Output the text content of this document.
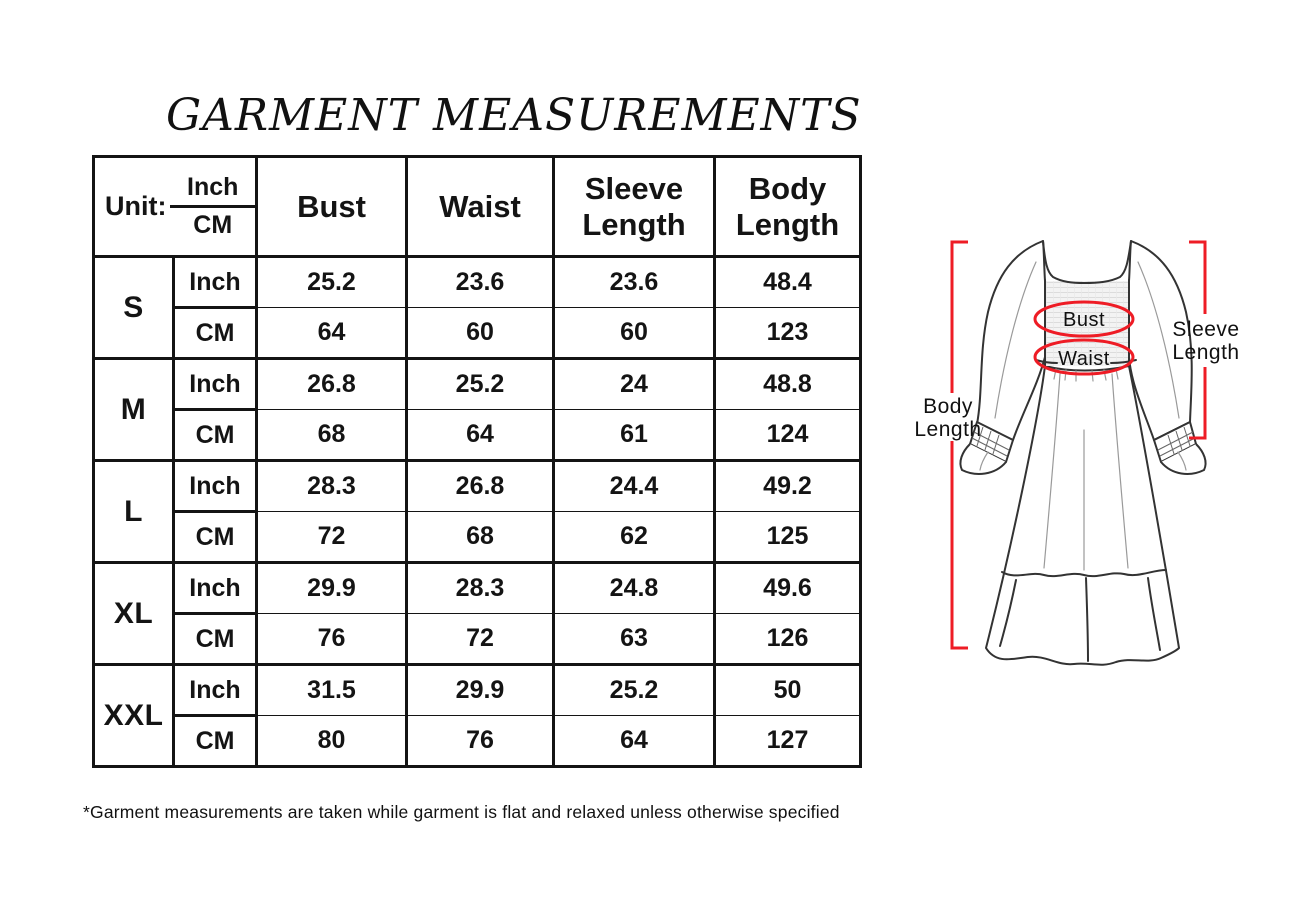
GARMENT MEASUREMENTS
Unit: $\frac{\text{Inch}}{CM}$		Bust	Waist	Sleeve Length	Body Length
S	Inch	25.2	23.6	23.6	48.4
	CM	64	60	60	123
M	Inch	26.8	25.2	24	48.8
	CM	68	64	61	124
L	Inch	28.3	26.8	24.4	49.2
	CM	72	68	62	125
XL	Inch	29.9	28.3	24.8	49.6
	CM	76	72	63	126
XXL	Inch	31.5	29.9	25.2	50
	CM	80	76	64	127
*Garment measurements are taken while garment is flat and relaxed unless otherwise specified
Bust
Waist
Body
Length
Sleeve
Length
